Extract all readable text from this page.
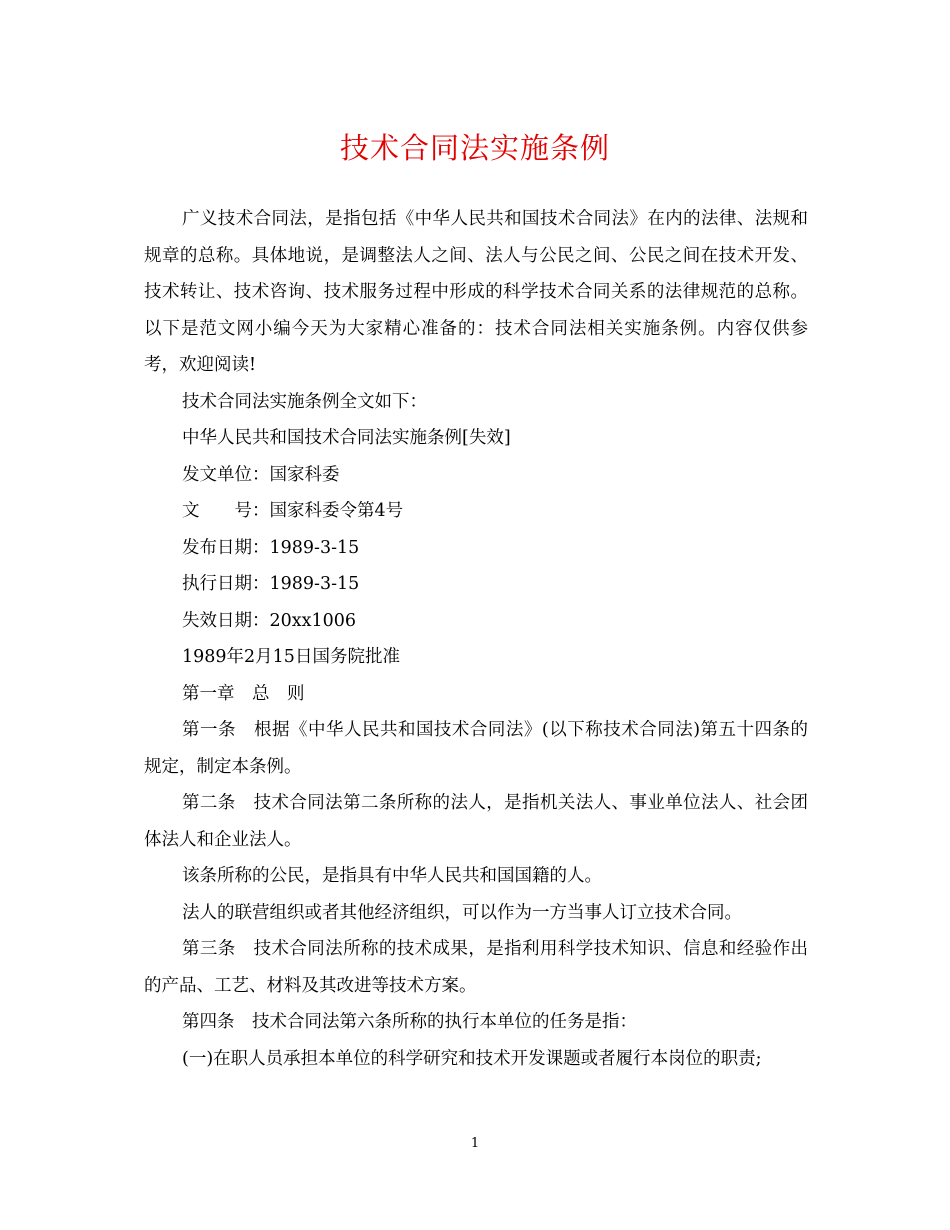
技术合同法实施条例

广义技术合同法，是指包括《中华人民共和国技术合同法》在内的法律、法规和规章的总称。具体地说，是调整法人之间、法人与公民之间、公民之间在技术开发、技术转让、技术咨询、技术服务过程中形成的科学技术合同关系的法律规范的总称。以下是范文网小编今天为大家精心准备的：技术合同法相关实施条例。内容仅供参考，欢迎阅读!

技术合同法实施条例全文如下：

中华人民共和国技术合同法实施条例[失效]

发文单位：国家科委

文　　号：国家科委令第4号

发布日期：1989-3-15

执行日期：1989-3-15

失效日期：20xx1006

1989年2月15日国务院批准

第一章　总　则

第一条　根据《中华人民共和国技术合同法》(以下称技术合同法)第五十四条的规定，制定本条例。

第二条　技术合同法第二条所称的法人，是指机关法人、事业单位法人、社会团体法人和企业法人。

该条所称的公民，是指具有中华人民共和国国籍的人。

法人的联营组织或者其他经济组织，可以作为一方当事人订立技术合同。

第三条　技术合同法所称的技术成果，是指利用科学技术知识、信息和经验作出的产品、工艺、材料及其改进等技术方案。

第四条　技术合同法第六条所称的执行本单位的任务是指：

(一)在职人员承担本单位的科学研究和技术开发课题或者履行本岗位的职责;

1
